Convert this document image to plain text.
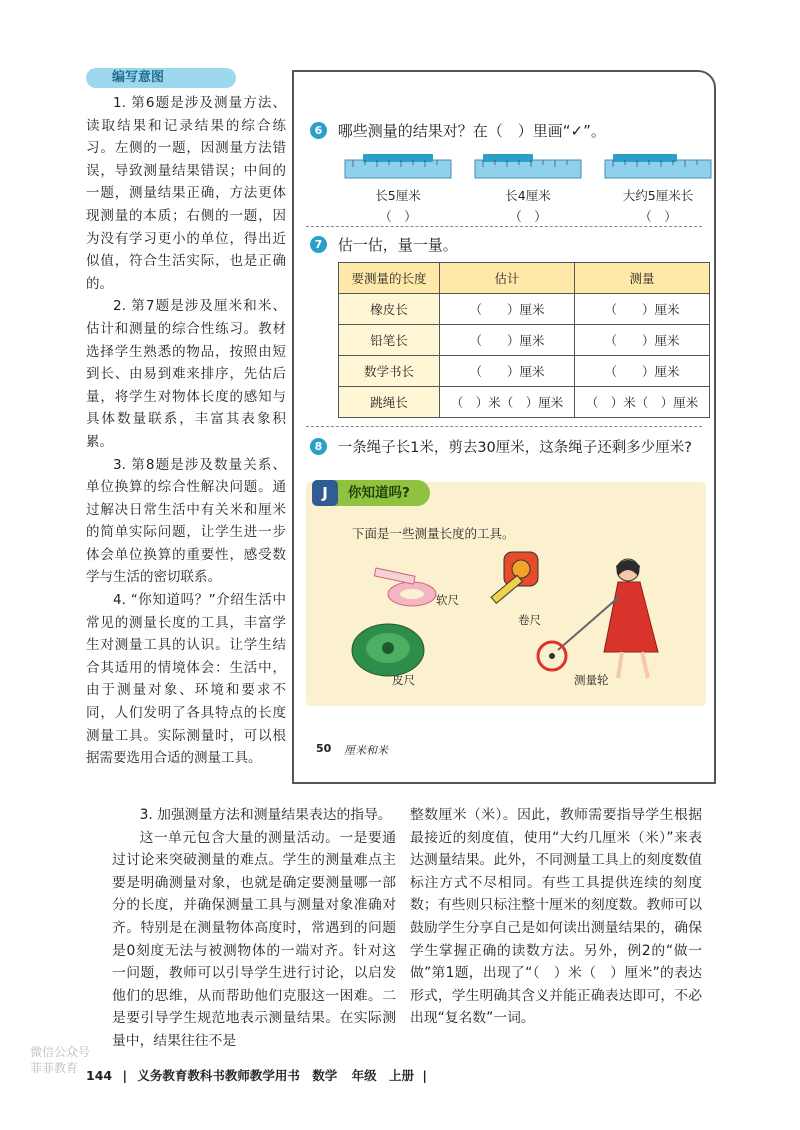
编写意图

1. 第6题是涉及测量方法、读取结果和记录结果的综合练习。左侧的一题，因测量方法错误，导致测量结果错误；中间的一题，测量结果正确，方法更体现测量的本质；右侧的一题，因为没有学习更小的单位，得出近似值，符合生活实际，也是正确的。

2. 第7题是涉及厘米和米、估计和测量的综合性练习。教材选择学生熟悉的物品，按照由短到长、由易到难来排序，先估后量，将学生对物体长度的感知与具体数量联系，丰富其表象积累。

3. 第8题是涉及数量关系、单位换算的综合性解决问题。通过解决日常生活中有关米和厘米的简单实际问题，让学生进一步体会单位换算的重要性，感受数学与生活的密切联系。

4. “你知道吗？”介绍生活中常见的测量长度的工具，丰富学生对测量工具的认识。让学生结合其适用的情境体会：生活中，由于测量对象、环境和要求不同，人们发明了各具特点的长度测量工具。实际测量时，可以根据需要选用合适的测量工具。

6 哪些测量的结果对？在（　）里画“✓”。
长5厘米
（　）
长4厘米
（　）
大约5厘米长
（　）
7 估一估，量一量。
要测量的长度	估计	测量
橡皮长	（　　）厘米	（　　）厘米
铅笔长	（　　）厘米	（　　）厘米
数学书长	（　　）厘米	（　　）厘米
跳绳长	（　）米（　）厘米	（　）米（　）厘米
8 一条绳子长1米，剪去30厘米，这条绳子还剩多少厘米?
你知道吗?
J
下面是一些测量长度的工具。
软尺
卷尺
皮尺	测量轮
50 厘米和米

3. 加强测量方法和测量结果表达的指导。

这一单元包含大量的测量活动。一是要通过讨论来突破测量的难点。学生的测量难点主要是明确测量对象，也就是确定要测量哪一部分的长度，并确保测量工具与测量对象准确对齐。特别是在测量物体高度时，常遇到的问题是0刻度无法与被测物体的一端对齐。针对这一问题，教师可以引导学生进行讨论，以启发他们的思维，从而帮助他们克服这一困难。二是要引导学生规范地表示测量结果。在实际测量中，结果往往不是

整数厘米（米）。因此，教师需要指导学生根据最接近的刻度值，使用“大约几厘米（米）”来表达测量结果。此外，不同测量工具上的刻度数值标注方式不尽相同。有些工具提供连续的刻度数；有些则只标注整十厘米的刻度数。教师可以鼓励学生分享自己是如何读出测量结果的，确保学生掌握正确的读数方法。另外，例2的“做一做”第1题，出现了“（　）米（　）厘米”的表达形式，学生明确其含义并能正确表达即可，不必出现“复名数”一词。

144 | 义务教育教科书教师教学用书 数学 年级 上册 |
微信公众号
菲菲教育
